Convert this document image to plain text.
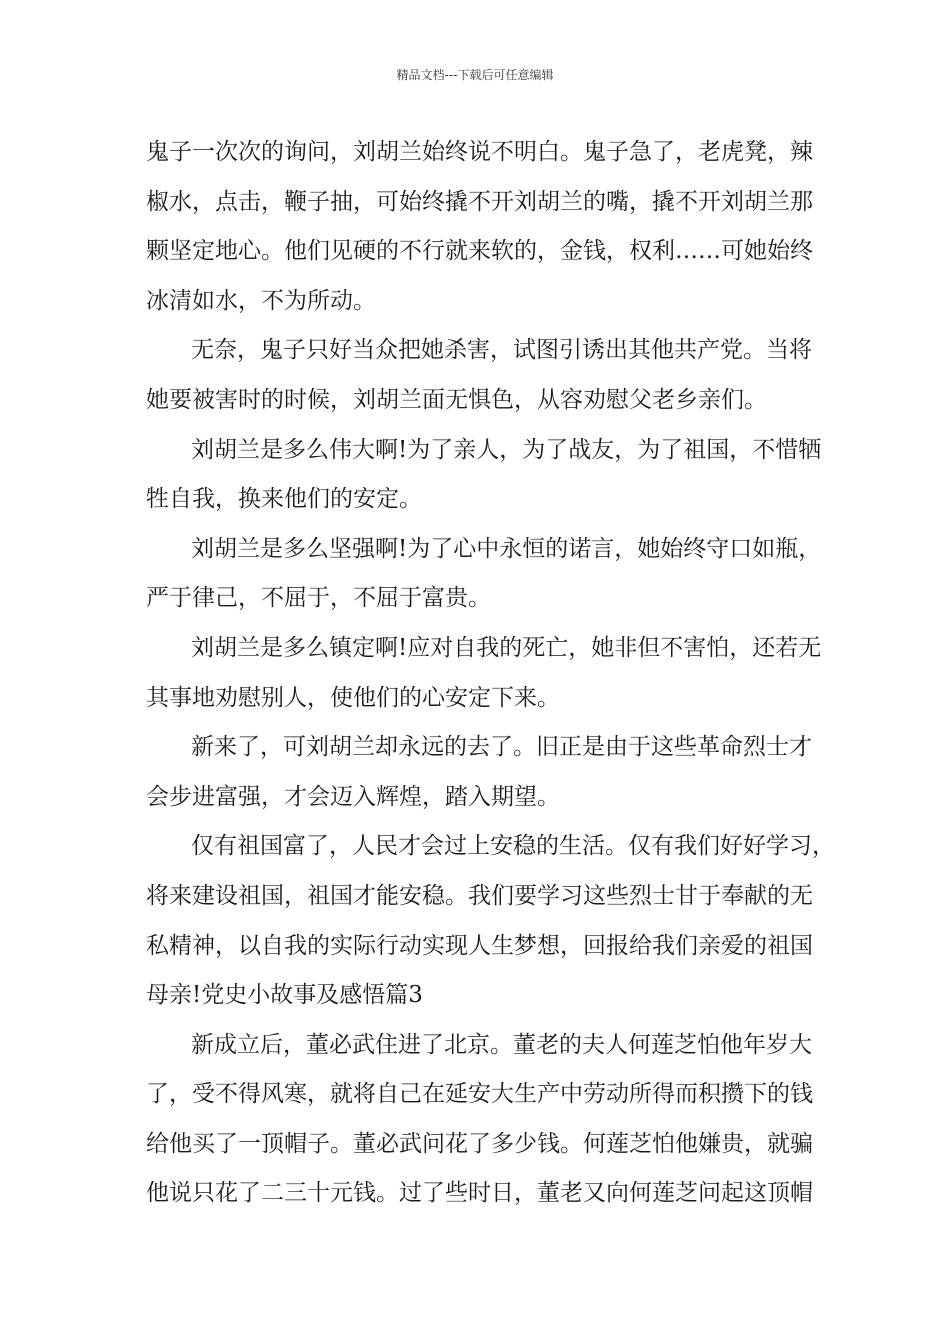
精品文档---下载后可任意编辑
鬼子一次次的询问，刘胡兰始终说不明白。鬼子急了，老虎凳，辣
椒水，点击，鞭子抽，可始终撬不开刘胡兰的嘴，撬不开刘胡兰那
颗坚定地心。他们见硬的不行就来软的，金钱，权利……可她始终
冰清如水，不为所动。
无奈，鬼子只好当众把她杀害，试图引诱出其他共产党。当将
她要被害时的时候，刘胡兰面无惧色，从容劝慰父老乡亲们。
刘胡兰是多么伟大啊!为了亲人，为了战友，为了祖国，不惜牺
牲自我，换来他们的安定。
刘胡兰是多么坚强啊!为了心中永恒的诺言，她始终守口如瓶，
严于律己，不屈于，不屈于富贵。
刘胡兰是多么镇定啊!应对自我的死亡，她非但不害怕，还若无
其事地劝慰别人，使他们的心安定下来。
新来了，可刘胡兰却永远的去了。旧正是由于这些革命烈士才
会步进富强，才会迈入辉煌，踏入期望。
仅有祖国富了，人民才会过上安稳的生活。仅有我们好好学习，
将来建设祖国，祖国才能安稳。我们要学习这些烈士甘于奉献的无
私精神，以自我的实际行动实现人生梦想，回报给我们亲爱的祖国
母亲!党史小故事及感悟篇3
新成立后，董必武住进了北京。董老的夫人何莲芝怕他年岁大
了，受不得风寒，就将自己在延安大生产中劳动所得而积攒下的钱
给他买了一顶帽子。董必武问花了多少钱。何莲芝怕他嫌贵，就骗
他说只花了二三十元钱。过了些时日，董老又向何莲芝问起这顶帽
